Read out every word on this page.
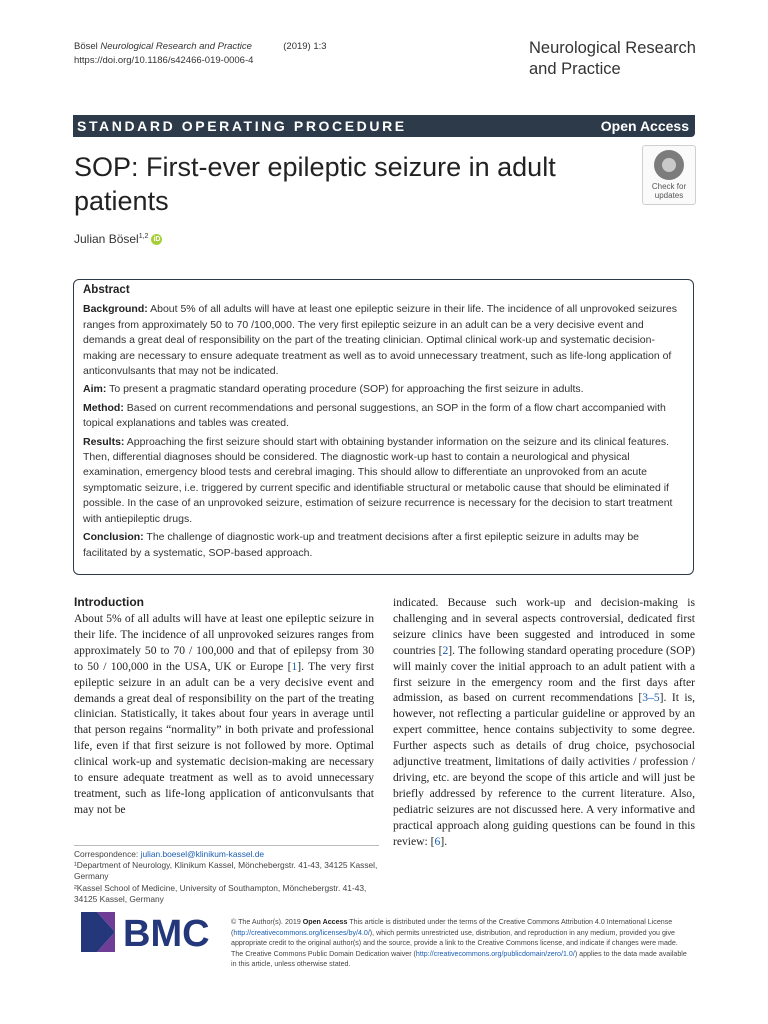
Bösel Neurological Research and Practice	(2019) 1:3
https://doi.org/10.1186/s42466-019-0006-4
Neurological Research
and Practice
STANDARD OPERATING PROCEDURE	Open Access
SOP: First-ever epileptic seizure in adult patients	Check for
updates
Julian Bösel$^{1,2}$ iD
Abstract

Background: About 5% of all adults will have at least one epileptic seizure in their life. The incidence of all unprovoked seizures ranges from approximately 50 to 70 /100,000. The very first epileptic seizure in an adult can be a very decisive event and demands a great deal of responsibility on the part of the treating clinician. Optimal clinical work-up and systematic decision-making are necessary to ensure adequate treatment as well as to avoid unnecessary treatment, such as life-long application of anticonvulsants that may not be indicated.

Aim: To present a pragmatic standard operating procedure (SOP) for approaching the first seizure in adults.

Method: Based on current recommendations and personal suggestions, an SOP in the form of a flow chart accompanied with topical explanations and tables was created.

Results: Approaching the first seizure should start with obtaining bystander information on the seizure and its clinical features. Then, differential diagnoses should be considered. The diagnostic work-up hast to contain a neurological and physical examination, emergency blood tests and cerebral imaging. This should allow to differentiate an unprovoked from an acute symptomatic seizure, i.e. triggered by current specific and identifiable structural or metabolic cause that should be eliminated if possible. In the case of an unprovoked seizure, estimation of seizure recurrence is necessary for the decision to start treatment with antiepileptic drugs.

Conclusion: The challenge of diagnostic work-up and treatment decisions after a first epileptic seizure in adults may be facilitated by a systematic, SOP-based approach.

Introduction

About 5% of all adults will have at least one epileptic seizure in their life. The incidence of all unprovoked seizures ranges from approximately 50 to 70 / 100,000 and that of epilepsy from 30 to 50 / 100,000 in the USA, UK or Europe [1]. The very first epileptic seizure in an adult can be a very decisive event and demands a great deal of responsibility on the part of the treating clinician. Statistically, it takes about four years in average until that person regains “normality” in both private and professional life, even if that first seizure is not followed by more. Optimal clinical work-up and systematic decision-making are necessary to ensure adequate treatment as well as to avoid unnecessary treatment, such as life-long application of anticonvulsants that may not be

indicated. Because such work-up and decision-making is challenging and in several aspects controversial, dedicated first seizure clinics have been suggested and introduced in some countries [2]. The following standard operating procedure (SOP) will mainly cover the initial approach to an adult patient with a first seizure in the emergency room and the first days after admission, as based on current recommendations [3–5]. It is, however, not reflecting a particular guideline or approved by an expert committee, hence contains subjectivity to some degree. Further aspects such as details of drug choice, psychosocial adjunctive treatment, limitations of daily activities / profession / driving, etc. are beyond the scope of this article and will just be briefly addressed by reference to the current literature. Also, pediatric seizures are not discussed here. A very informative and practical approach along guiding questions can be found in this review: [6].

Correspondence: julian.boesel@klinikum-kassel.de

¹Department of Neurology, Klinikum Kassel, Mönchebergstr. 41-43, 34125 Kassel, Germany

²Kassel School of Medicine, University of Southampton, Mönchebergstr. 41-43, 34125 Kassel, Germany

BMC	© The Author(s). 2019 Open Access This article is distributed under the terms of the Creative Commons Attribution 4.0 International License (http://creativecommons.org/licenses/by/4.0/), which permits unrestricted use, distribution, and reproduction in any medium, provided you give appropriate credit to the original author(s) and the source, provide a link to the Creative Commons license, and indicate if changes were made. The Creative Commons Public Domain Dedication waiver (http://creativecommons.org/publicdomain/zero/1.0/) applies to the data made available in this article, unless otherwise stated.
